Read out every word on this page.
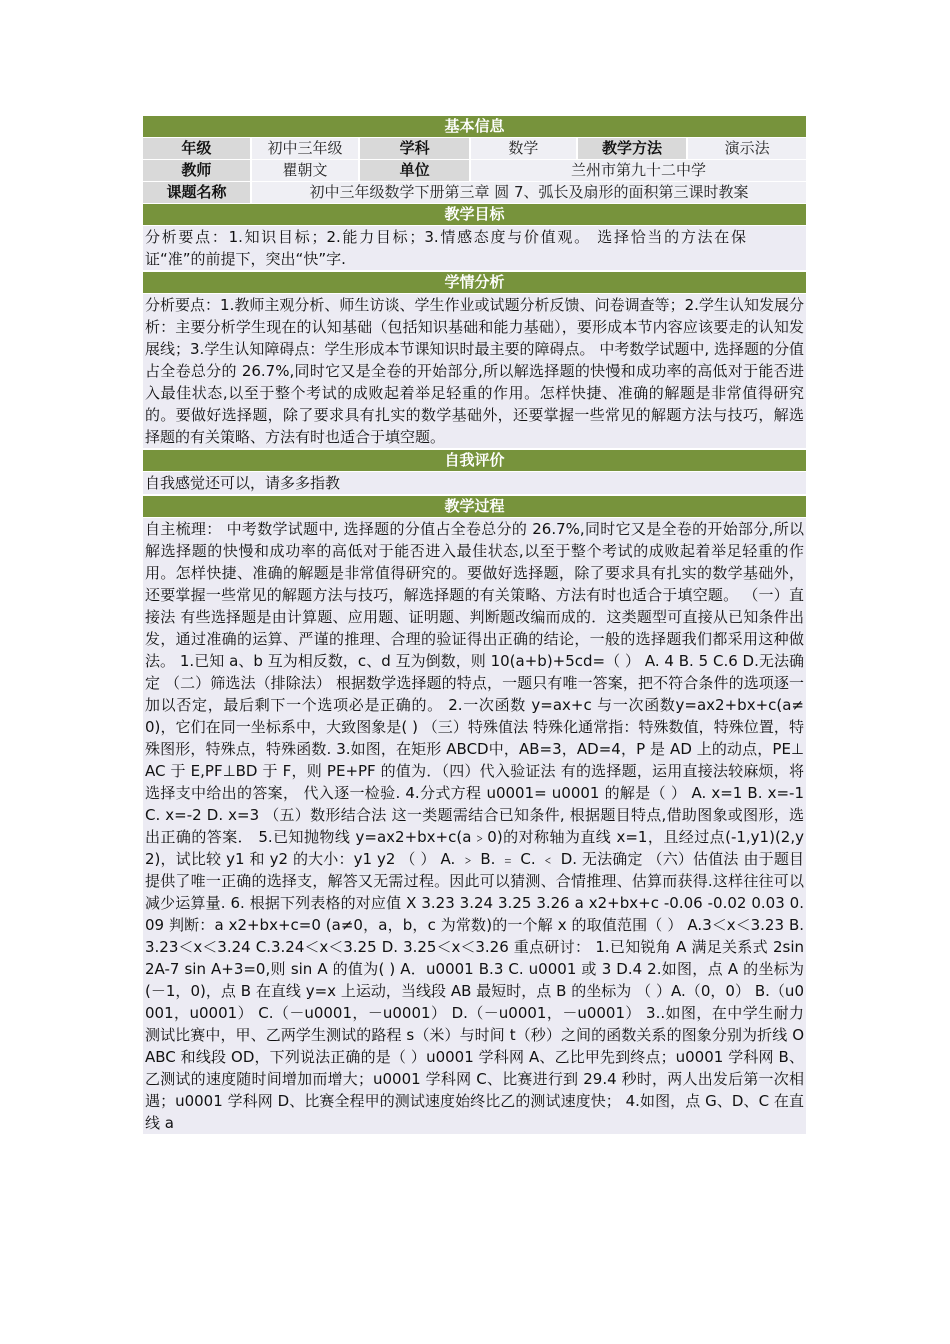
基本信息
年级	初中三年级	学科	数学	教学方法	演示法
教师	瞿朝文	单位	兰州市第九十二中学
课题名称	初中三年级数学下册第三章 圆 7、弧长及扇形的面积第三课时教案
教学目标
分析要点：1.知识目标；2.能力目标；3.情感态度与价值观。 选择恰当的方法在保证“准”的前提下，突出“快”字.
学情分析
分析要点：1.教师主观分析、师生访谈、学生作业或试题分析反馈、问卷调查等；2.学生认知发展分析：主要分析学生现在的认知基础（包括知识基础和能力基础），要形成本节内容应该要走的认知发展线；3.学生认知障碍点：学生形成本节课知识时最主要的障碍点。 中考数学试题中, 选择题的分值占全卷总分的 26.7%,同时它又是全卷的开始部分,所以解选择题的快慢和成功率的高低对于能否进入最佳状态,以至于整个考试的成败起着举足轻重的作用。怎样快捷、准确的解题是非常值得研究的。要做好选择题，除了要求具有扎实的数学基础外，还要掌握一些常见的解题方法与技巧，解选择题的有关策略、方法有时也适合于填空题。
自我评价
自我感觉还可以，请多多指教
教学过程
自主梳理： 中考数学试题中, 选择题的分值占全卷总分的 26.7%,同时它又是全卷的开始部分,所以解选择题的快慢和成功率的高低对于能否进入最佳状态,以至于整个考试的成败起着举足轻重的作用。怎样快捷、准确的解题是非常值得研究的。要做好选择题，除了要求具有扎实的数学基础外，还要掌握一些常见的解题方法与技巧，解选择题的有关策略、方法有时也适合于填空题。 （一）直接法 有些选择题是由计算题、应用题、证明题、判断题改编而成的．这类题型可直接从已知条件出发，通过准确的运算、严谨的推理、合理的验证得出正确的结论，一般的选择题我们都采用这种做法。 1.已知 a、b 互为相反数，c、d 互为倒数，则 10(a+b)+5cd=（ ） A. 4 B. 5 C.6 D.无法确定 （二）筛选法（排除法） 根据数学选择题的特点，一题只有唯一答案，把不符合条件的选项逐一加以否定，最后剩下一个选项必是正确的。 2.一次函数 y=ax+c 与一次函数y=ax2+bx+c(a≠0)，它们在同一坐标系中，大致图象是( ) （三）特殊值法 特殊化通常指：特殊数值，特殊位置，特殊图形，特殊点，特殊函数. 3.如图，在矩形 ABCD中，AB=3，AD=4，P 是 AD 上的动点，PE⊥AC 于 E,PF⊥BD 于 F，则 PE+PF 的值为．（四）代入验证法 有的选择题，运用直接法较麻烦，将选择支中给出的答案， 代入逐一检验. 4.分式方程 u0001= u0001 的解是（ ） A. x=1 B. x=-1 C. x=-2 D. x=3 （五）数形结合法 这一类题需结合已知条件, 根据题目特点,借助图象或图形，选出正确的答案． 5.已知抛物线 y=ax2+bx+c(a﹥0)的对称轴为直线 x=1，且经过点(-1,y1)(2,y2)，试比较 y1 和 y2 的大小：y1 y2 （ ） A. ﹥ B. ﹦ C. ﹤ D. 无法确定 （六）估值法 由于题目提供了唯一正确的选择支，解答又无需过程。因此可以猜测、合情推理、估算而获得.这样往往可以减少运算量. 6. 根据下列表格的对应值 X 3.23 3.24 3.25 3.26 a x2+bx+c -0.06 -0.02 0.03 0.09 判断：a x2+bx+c=0 (a≠0，a，b，c 为常数)的一个解 x 的取值范围（ ） A.3＜x＜3.23 B.3.23＜x＜3.24 C.3.24＜x＜3.25 D. 3.25＜x＜3.26 重点研讨： 1.已知锐角 A 满足关系式 2sin 2A-7 sin A+3=0,则 sin A 的值为( ) A．u0001 B.3 C. u0001 或 3 D.4 2.如图，点 A 的坐标为(－1，0)，点 B 在直线 y=x 上运动，当线段 AB 最短时，点 B 的坐标为 （ ）A.（0，0） B.（u0001，u0001） C.（－u0001，－u0001） D.（－u0001，－u0001） 3..如图，在中学生耐力测试比赛中，甲、乙两学生测试的路程 s（米）与时间 t（秒）之间的函数关系的图象分别为折线 OABC 和线段 OD，下列说法正确的是（ ）u0001 学科网 A、乙比甲先到终点；u0001 学科网 B、乙测试的速度随时间增加而增大；u0001 学科网 C、比赛进行到 29.4 秒时，两人出发后第一次相遇；u0001 学科网 D、比赛全程甲的测试速度始终比乙的测试速度快； 4.如图，点 G、D、C 在直线 a
